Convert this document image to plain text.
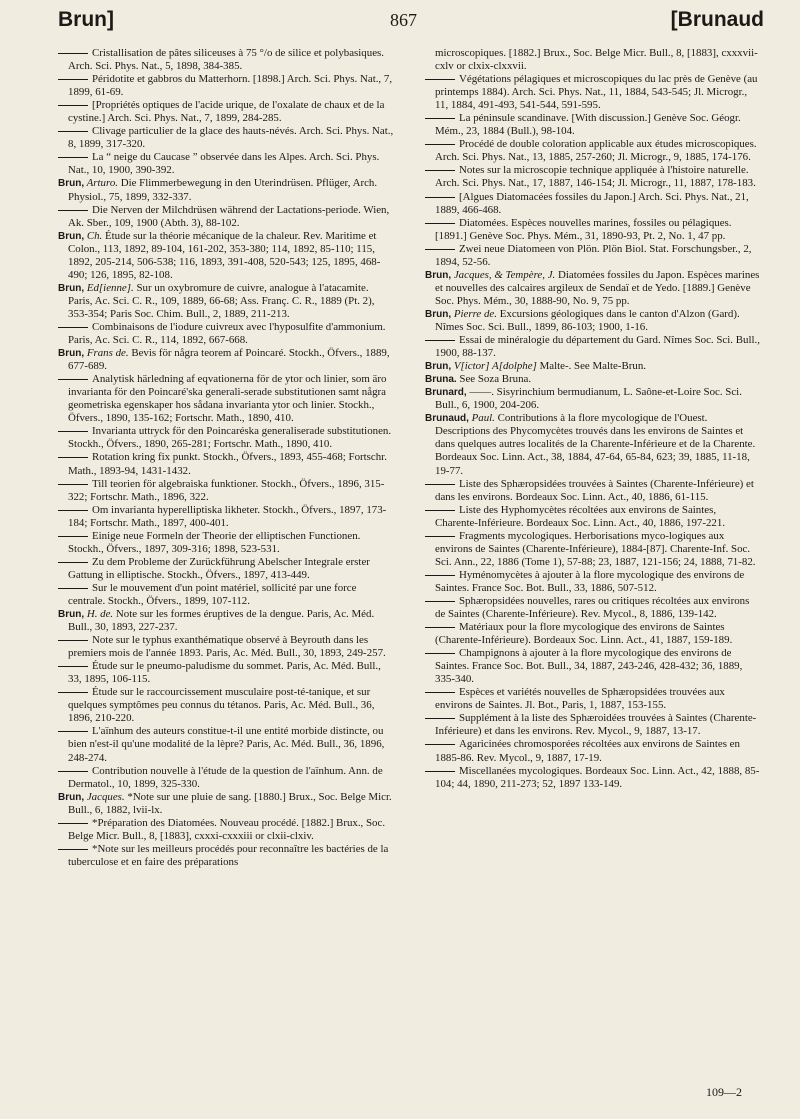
Brun]	867	[Brunaud

Cristallisation de pâtes siliceuses à 75 °/o de silice et polybasiques. Arch. Sci. Phys. Nat., 5, 1898, 384-385.

Péridotite et gabbros du Matterhorn. [1898.] Arch. Sci. Phys. Nat., 7, 1899, 61-69.

[Propriétés optiques de l'acide urique, de l'oxalate de chaux et de la cystine.] Arch. Sci. Phys. Nat., 7, 1899, 284-285.

Clivage particulier de la glace des hauts-névés. Arch. Sci. Phys. Nat., 8, 1899, 317-320.

La “ neige du Caucase ” observée dans les Alpes. Arch. Sci. Phys. Nat., 10, 1900, 390-392.

Brun, Arturo. Die Flimmerbewegung in den Uterindrüsen. Pflüger, Arch. Physiol., 75, 1899, 332-337.

Die Nerven der Milchdrüsen während der Lactations-periode. Wien, Ak. Sber., 109, 1900 (Abth. 3), 88-102.

Brun, Ch. Étude sur la théorie mécanique de la chaleur. Rev. Maritime et Colon., 113, 1892, 89-104, 161-202, 353-380; 114, 1892, 85-110; 115, 1892, 205-214, 506-538; 116, 1893, 391-408, 520-543; 125, 1895, 468-490; 126, 1895, 82-108.

Brun, Ed[ienne]. Sur un oxybromure de cuivre, analogue à l'atacamite. Paris, Ac. Sci. C. R., 109, 1889, 66-68; Ass. Franç. C. R., 1889 (Pt. 2), 353-354; Paris Soc. Chim. Bull., 2, 1889, 211-213.

Combinaisons de l'iodure cuivreux avec l'hyposulfite d'ammonium. Paris, Ac. Sci. C. R., 114, 1892, 667-668.

Brun, Frans de. Bevis för några teorem af Poincaré. Stockh., Öfvers., 1889, 677-689.

Analytisk härledning af eqvationerna för de ytor och linier, som äro invarianta för den Poincaré'ska generali-serade substitutionen samt några geometriska egenskaper hos sådana invarianta ytor och linier. Stockh., Öfvers., 1890, 135-162; Fortschr. Math., 1890, 410.

Invarianta uttryck för den Poincaréska generaliserade substitutionen. Stockh., Öfvers., 1890, 265-281; Fortschr. Math., 1890, 410.

Rotation kring fix punkt. Stockh., Öfvers., 1893, 455-468; Fortschr. Math., 1893-94, 1431-1432.

Till teorien för algebraiska funktioner. Stockh., Öfvers., 1896, 315-322; Fortschr. Math., 1896, 322.

Om invarianta hyperelliptiska likheter. Stockh., Öfvers., 1897, 173-184; Fortschr. Math., 1897, 400-401.

Einige neue Formeln der Theorie der elliptischen Functionen. Stockh., Öfvers., 1897, 309-316; 1898, 523-531.

Zu dem Probleme der Zurückführung Abelscher Integrale erster Gattung in elliptische. Stockh., Öfvers., 1897, 413-449.

Sur le mouvement d'un point matériel, sollicité par une force centrale. Stockh., Öfvers., 1899, 107-112.

Brun, H. de. Note sur les formes éruptives de la dengue. Paris, Ac. Méd. Bull., 30, 1893, 227-237.

Note sur le typhus exanthématique observé à Beyrouth dans les premiers mois de l'année 1893. Paris, Ac. Méd. Bull., 30, 1893, 249-257.

Étude sur le pneumo-paludisme du sommet. Paris, Ac. Méd. Bull., 33, 1895, 106-115.

Étude sur le raccourcissement musculaire post-té-tanique, et sur quelques symptômes peu connus du tétanos. Paris, Ac. Méd. Bull., 36, 1896, 210-220.

L'aïnhum des auteurs constitue-t-il une entité morbide distincte, ou bien n'est-il qu'une modalité de la lèpre? Paris, Ac. Méd. Bull., 36, 1896, 248-274.

Contribution nouvelle à l'étude de la question de l'aïnhum. Ann. de Dermatol., 10, 1899, 325-330.

Brun, Jacques. *Note sur une pluie de sang. [1880.] Brux., Soc. Belge Micr. Bull., 6, 1882, lvii-lx.

*Préparation des Diatomées. Nouveau procédé. [1882.] Brux., Soc. Belge Micr. Bull., 8, [1883], cxxxi-cxxxiii or clxii-clxiv.

*Note sur les meilleurs procédés pour reconnaître les bactéries de la tuberculose et en faire des préparations

microscopiques. [1882.] Brux., Soc. Belge Micr. Bull., 8, [1883], cxxxvii-cxlv or clxix-clxxvii.

Végétations pélagiques et microscopiques du lac près de Genève (au printemps 1884). Arch. Sci. Phys. Nat., 11, 1884, 543-545; Jl. Microgr., 11, 1884, 491-493, 541-544, 591-595.

La péninsule scandinave. [With discussion.] Genève Soc. Géogr. Mém., 23, 1884 (Bull.), 98-104.

Procédé de double coloration applicable aux études microscopiques. Arch. Sci. Phys. Nat., 13, 1885, 257-260; Jl. Microgr., 9, 1885, 174-176.

Notes sur la microscopie technique appliquée à l'histoire naturelle. Arch. Sci. Phys. Nat., 17, 1887, 146-154; Jl. Microgr., 11, 1887, 178-183.

[Algues Diatomacées fossiles du Japon.] Arch. Sci. Phys. Nat., 21, 1889, 466-468.

Diatomées. Espèces nouvelles marines, fossiles ou pélagiques. [1891.] Genève Soc. Phys. Mém., 31, 1890-93, Pt. 2, No. 1, 47 pp.

Zwei neue Diatomeen von Plön. Plön Biol. Stat. Forschungsber., 2, 1894, 52-56.

Brun, Jacques, & Tempère, J. Diatomées fossiles du Japon. Espèces marines et nouvelles des calcaires argileux de Sendaï et de Yedo. [1889.] Genève Soc. Phys. Mém., 30, 1888-90, No. 9, 75 pp.

Brun, Pierre de. Excursions géologiques dans le canton d'Alzon (Gard). Nîmes Soc. Sci. Bull., 1899, 86-103; 1900, 1-16.

Essai de minéralogie du département du Gard. Nîmes Soc. Sci. Bull., 1900, 88-137.

Brun, V[ictor] A[dolphe] Malte-. See Malte-Brun.

Bruna. See Soza Bruna.

Brunard, ——. Sisyrinchium bermudianum, L. Saône-et-Loire Soc. Sci. Bull., 6, 1900, 204-206.

Brunaud, Paul. Contributions à la flore mycologique de l'Ouest. Descriptions des Phycomycètes trouvés dans les environs de Saintes et dans quelques autres localités de la Charente-Inférieure et de la Charente. Bordeaux Soc. Linn. Act., 38, 1884, 47-64, 65-84, 623; 39, 1885, 11-18, 19-77.

Liste des Sphæropsidées trouvées à Saintes (Charente-Inférieure) et dans les environs. Bordeaux Soc. Linn. Act., 40, 1886, 61-115.

Liste des Hyphomycètes récoltées aux environs de Saintes, Charente-Inférieure. Bordeaux Soc. Linn. Act., 40, 1886, 197-221.

Fragments mycologiques. Herborisations myco-logiques aux environs de Saintes (Charente-Inférieure), 1884-[87]. Charente-Inf. Soc. Sci. Ann., 22, 1886 (Tome 1), 57-88; 23, 1887, 121-156; 24, 1888, 71-82.

Hyménomycètes à ajouter à la flore mycologique des environs de Saintes. France Soc. Bot. Bull., 33, 1886, 507-512.

Sphæropsidées nouvelles, rares ou critiques récoltées aux environs de Saintes (Charente-Inférieure). Rev. Mycol., 8, 1886, 139-142.

Matériaux pour la flore mycologique des environs de Saintes (Charente-Inférieure). Bordeaux Soc. Linn. Act., 41, 1887, 159-189.

Champignons à ajouter à la flore mycologique des environs de Saintes. France Soc. Bot. Bull., 34, 1887, 243-246, 428-432; 36, 1889, 335-340.

Espèces et variétés nouvelles de Sphæropsidées trouvées aux environs de Saintes. Jl. Bot., Paris, 1, 1887, 153-155.

Supplément à la liste des Sphæroidées trouvées à Saintes (Charente-Inférieure) et dans les environs. Rev. Mycol., 9, 1887, 13-17.

Agaricinées chromosporées récoltées aux environs de Saintes en 1885-86. Rev. Mycol., 9, 1887, 17-19.

Miscellanées mycologiques. Bordeaux Soc. Linn. Act., 42, 1888, 85-104; 44, 1890, 211-273; 52, 1897 133-149.

109—2
